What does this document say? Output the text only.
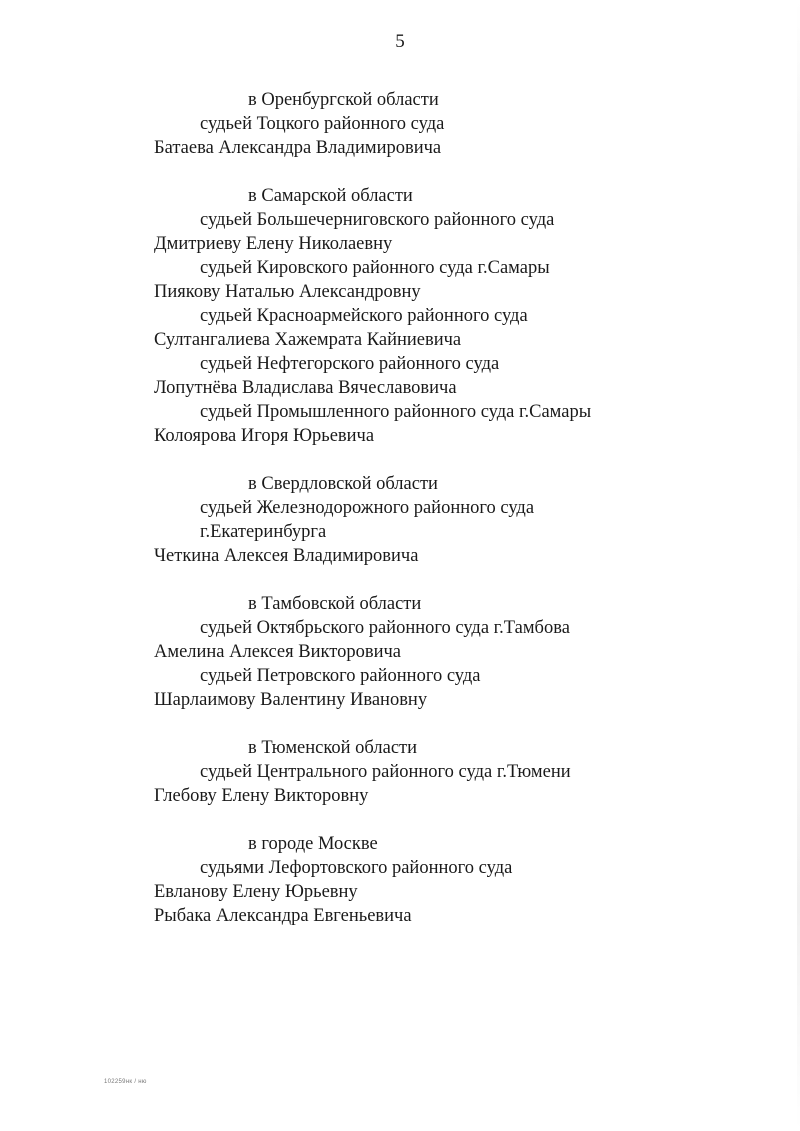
5
в Оренбургской области
судьей Тоцкого районного суда
Батаева Александра Владимировича
в Самарской области
судьей Большечерниговского районного суда
Дмитриеву Елену Николаевну
судьей Кировского районного суда г.Самары
Пиякову Наталью Александровну
судьей Красноармейского районного суда
Султангалиева Хажемрата Кайниевича
судьей Нефтегорского районного суда
Лопутнёва Владислава Вячеславовича
судьей Промышленного районного суда г.Самары
Колоярова Игоря Юрьевича
в Свердловской области
судьей Железнодорожного районного суда
г.Екатеринбурга
Четкина Алексея Владимировича
в Тамбовской области
судьей Октябрьского районного суда г.Тамбова
Амелина Алексея Викторовича
судьей Петровского районного суда
Шарлаимову Валентину Ивановну
в Тюменской области
судьей Центрального районного суда г.Тюмени
Глебову Елену Викторовну
в городе Москве
судьями Лефортовского районного суда
Евланову Елену Юрьевну
Рыбака Александра Евгеньевича
102259нк / ню
